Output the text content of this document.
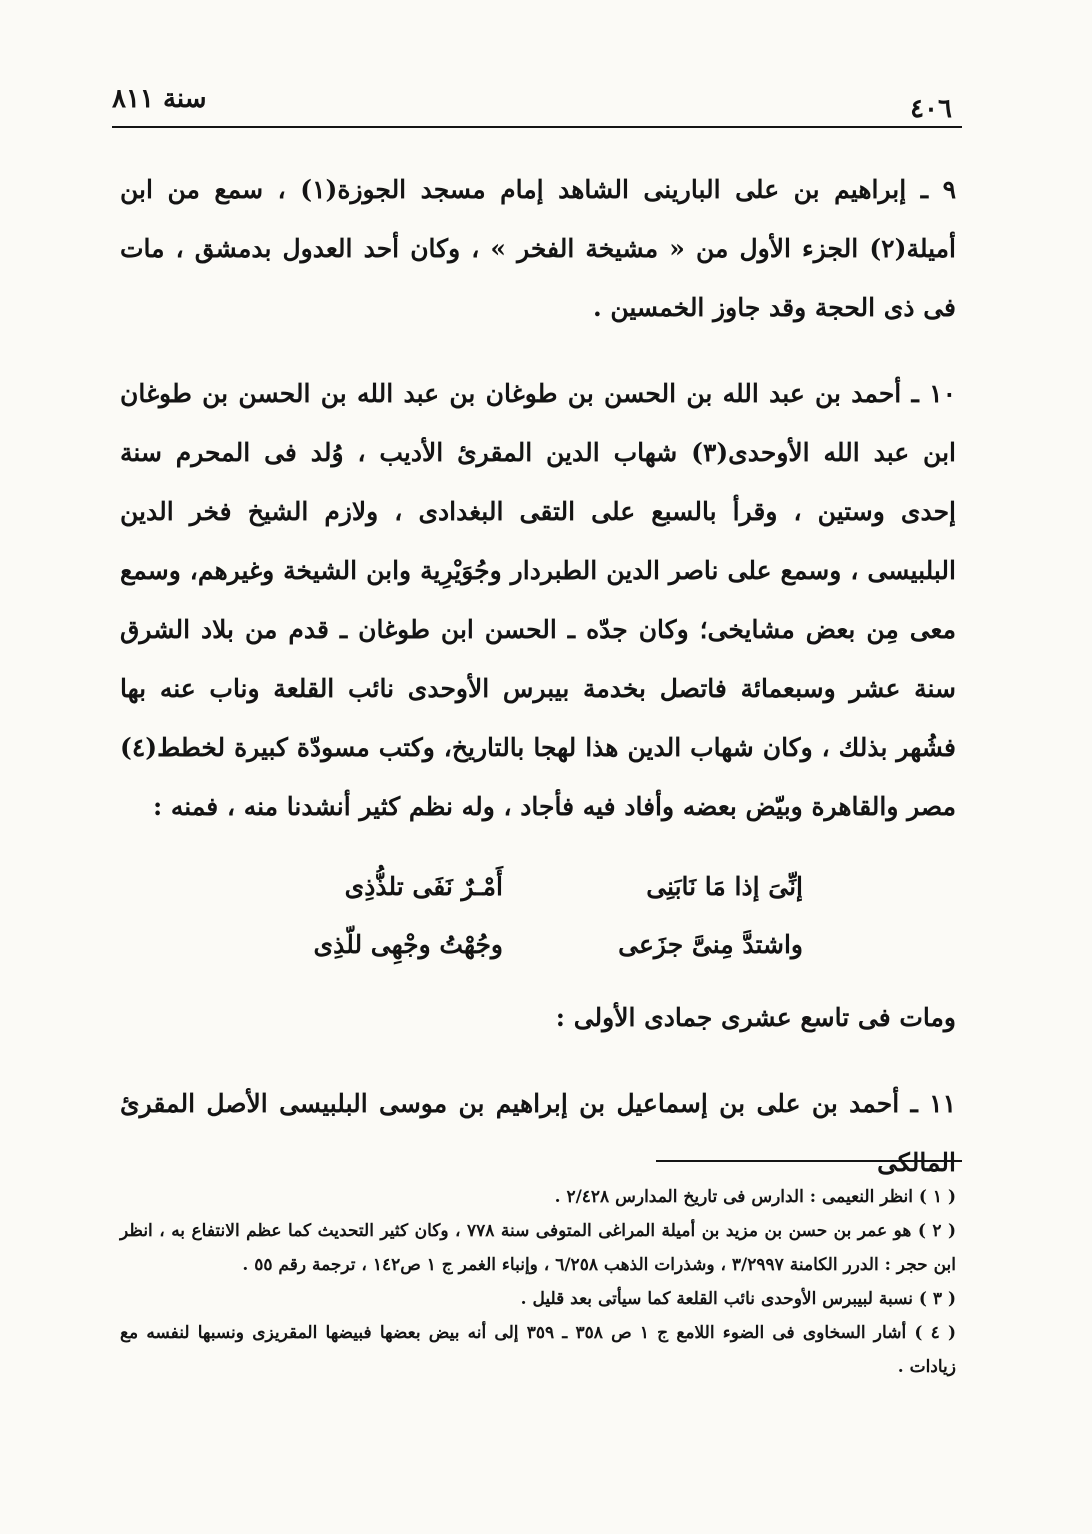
سنة ٨١١	٤٠٦

٩ ـ إبراهيم بن على البارينى الشاهد إمام مسجد الجوزة(١) ، سمع من ابن أميلة(٢) الجزء الأول من « مشيخة الفخر » ، وكان أحد العدول بدمشق ، مات فى ذى الحجة وقد جاوز الخمسين .

١٠ ـ أحمد بن عبد الله بن الحسن بن طوغان بن عبد الله بن الحسن بن طوغان ابن عبد الله الأوحدى(٣) شهاب الدين المقرئ الأديب ، وُلد فى المحرم سنة إحدى وستين ، وقرأ بالسبع على التقى البغدادى ، ولازم الشيخ فخر الدين البلبيسى ، وسمع على ناصر الدين الطبردار وجُوَيْرِية وابن الشيخة وغيرهم، وسمع معى مِن بعض مشايخى؛ وكان جدّه ـ الحسن ابن طوغان ـ قدم من بلاد الشرق سنة عشر وسبعمائة فاتصل بخدمة بيبرس الأوحدى نائب القلعة وناب عنه بها فشُهر بذلك ، وكان شهاب الدين هذا لهجا بالتاريخ، وكتب مسودّة كبيرة لخطط(٤) مصر والقاهرة وبيّض بعضه وأفاد فيه فأجاد ، وله نظم كثير أنشدنا منه ، فمنه :

إنِّىَ إذا مَا نَابَنِى
أَمْـرٌ نَفَى تلذُّذِى
واشتدَّ مِنىَّ جزَعى
وجُهْتُ وجْهِى للّذِى

ومات فى تاسع عشرى جمادى الأولى :

١١ ـ أحمد بن على بن إسماعيل بن إبراهيم بن موسى البلبيسى الأصل المقرئ المالكى

( ١ ) انظر النعيمى : الدارس فى تاريخ المدارس ٢/٤٢٨ .

( ٢ ) هو عمر بن حسن بن مزيد بن أميلة المراغى المتوفى سنة ٧٧٨ ، وكان كثير التحديث كما عظم الانتفاع به ، انظر ابن حجر : الدرر الكامنة ٣/٢٩٩٧ ، وشذرات الذهب ٦/٢٥٨ ، وإنباء الغمر ج ١ ص١٤٢ ، ترجمة رقم ٥٥ .

( ٣ ) نسبة لبيبرس الأوحدى نائب القلعة كما سيأتى بعد قليل .

( ٤ ) أشار السخاوى فى الضوء اللامع ج ١ ص ٣٥٨ ـ ٣٥٩ إلى أنه بيض بعضها فبيضها المقريزى ونسبها لنفسه مع زيادات .
